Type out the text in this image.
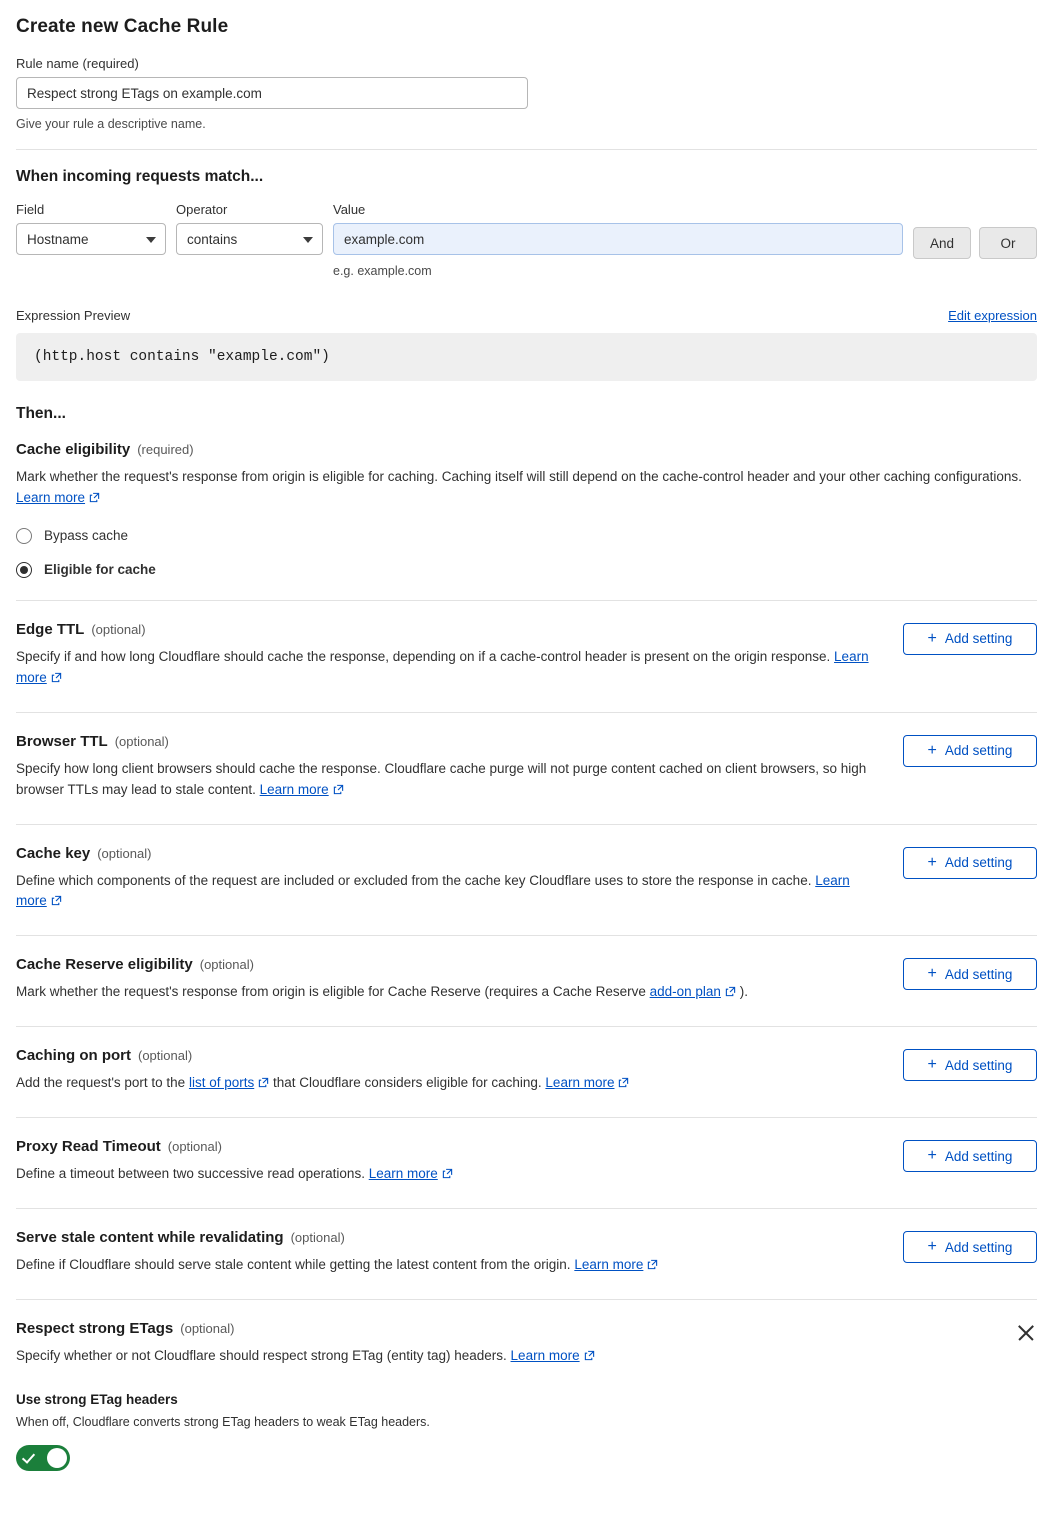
Create new Cache Rule
Rule name (required)
Respect strong ETags on example.com
Give your rule a descriptive name.
When incoming requests match...
Field
Hostname
Operator
contains
Value
example.com
e.g. example.com
And	Or
Expression Preview	Edit expression
(http.host contains "example.com")
Then...
Cache eligibility (required)
Mark whether the request's response from origin is eligible for caching. Caching itself will still depend on the cache-control header and your other caching configurations. Learn more
Bypass cache
Eligible for cache
Edge TTL (optional)
Specify if and how long Cloudflare should cache the response, depending on if a cache-control header is present on the origin response. Learn more
+ Add setting
Browser TTL (optional)
Specify how long client browsers should cache the response. Cloudflare cache purge will not purge content cached on client browsers, so high browser TTLs may lead to stale content. Learn more
+ Add setting
Cache key (optional)
Define which components of the request are included or excluded from the cache key Cloudflare uses to store the response in cache. Learn more
+ Add setting
Cache Reserve eligibility (optional)
Mark whether the request's response from origin is eligible for Cache Reserve (requires a Cache Reserve add-on plan ).
+ Add setting
Caching on port (optional)
Add the request's port to the list of ports that Cloudflare considers eligible for caching. Learn more
+ Add setting
Proxy Read Timeout (optional)
Define a timeout between two successive read operations. Learn more
+ Add setting
Serve stale content while revalidating (optional)
Define if Cloudflare should serve stale content while getting the latest content from the origin. Learn more
+ Add setting
Respect strong ETags (optional)
Specify whether or not Cloudflare should respect strong ETag (entity tag) headers. Learn more
Use strong ETag headers
When off, Cloudflare converts strong ETag headers to weak ETag headers.
